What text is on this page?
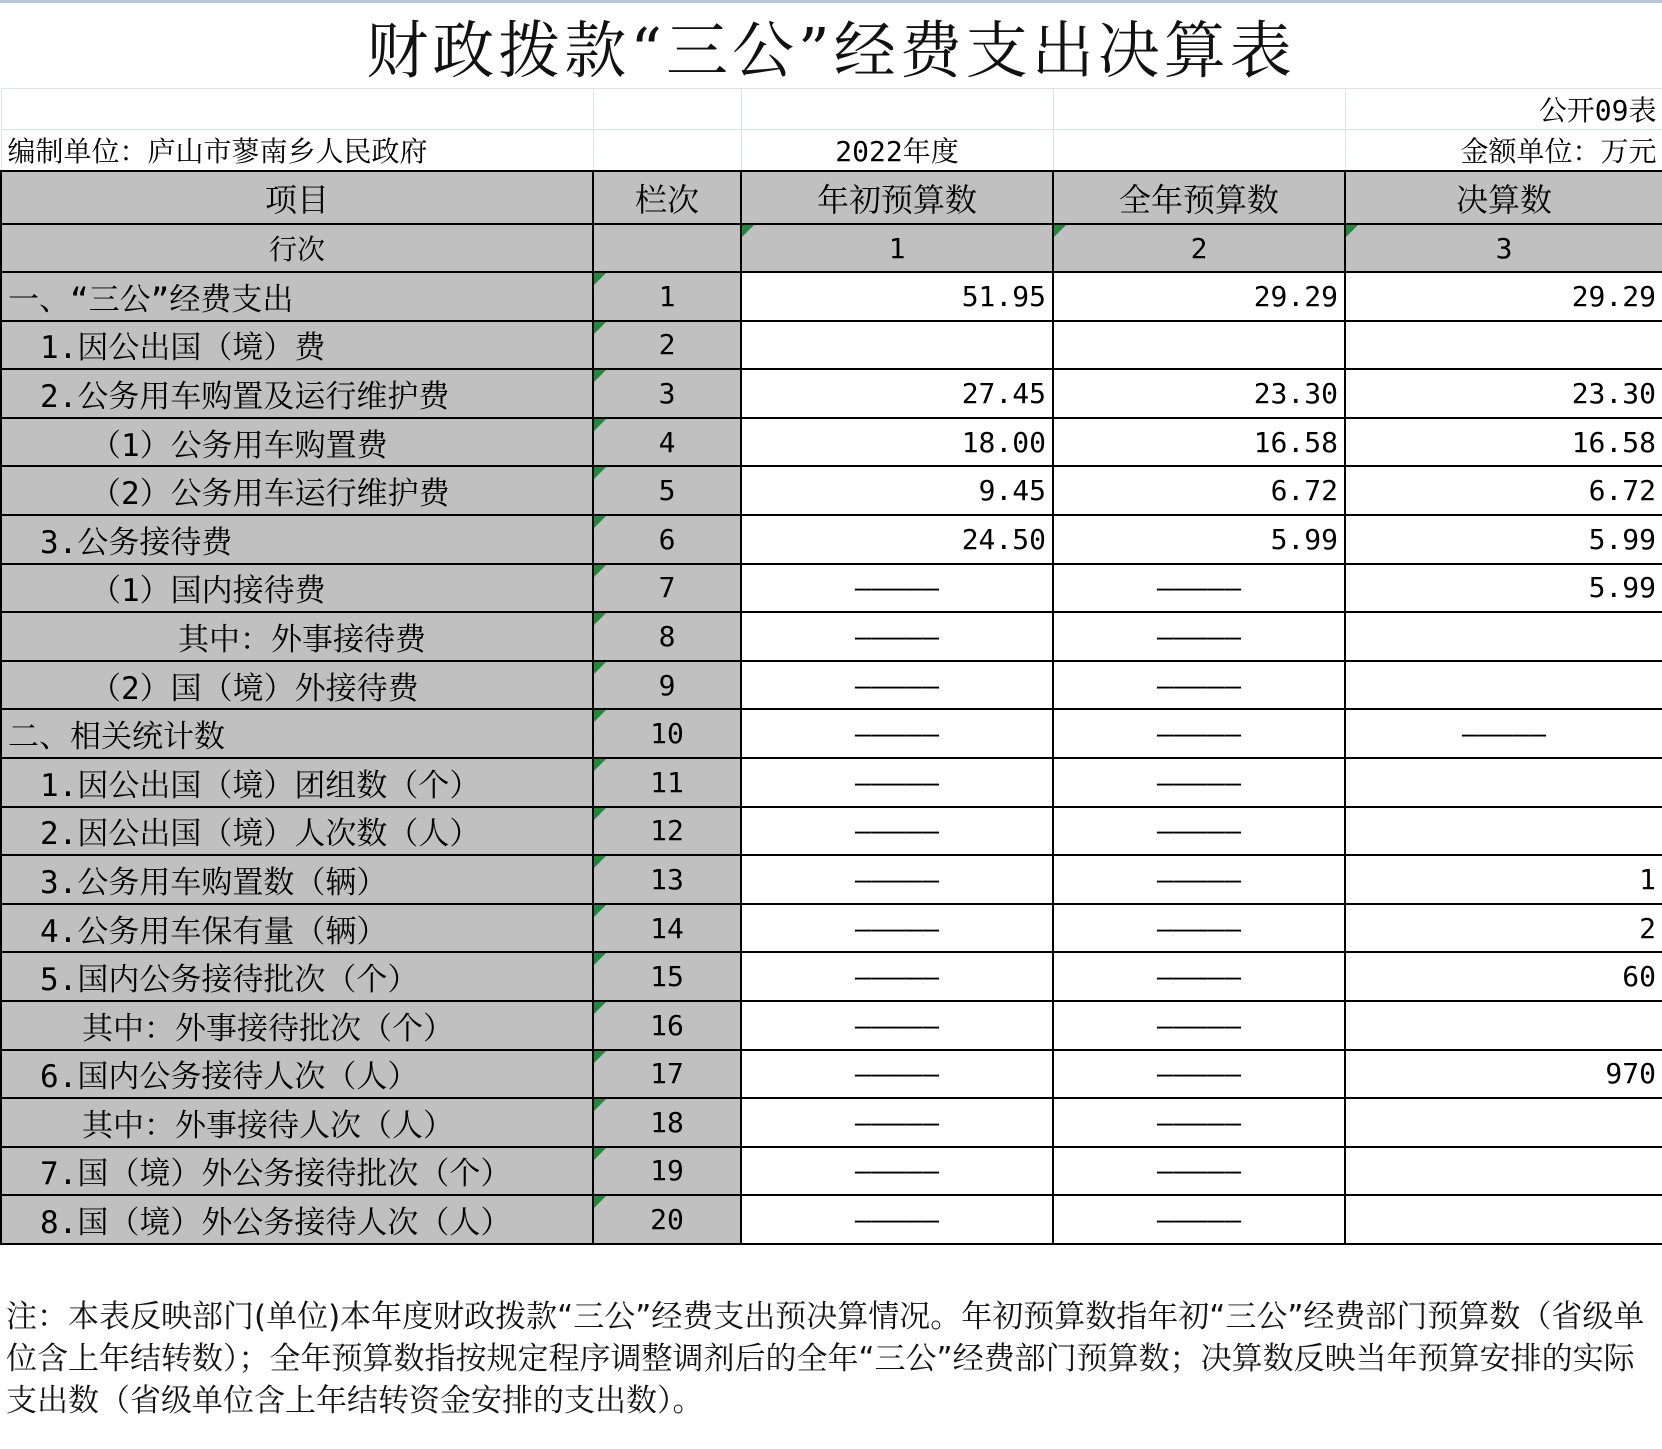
财政拨款“三公”经费支出决算表
				公开09表
编制单位：庐山市蓼南乡人民政府		2022年度		金额单位：万元
项目	栏次	年初预算数	全年预算数	决算数
行次		1	2	3
一、“三公”经费支出	1	51.95	29.29	29.29
1.因公出国（境）费	2			
2.公务用车购置及运行维护费	3	27.45	23.30	23.30
（1）公务用车购置费	4	18.00	16.58	16.58
（2）公务用车运行维护费	5	9.45	6.72	6.72
3.公务接待费	6	24.50	5.99	5.99
（1）国内接待费	7	—————	—————	5.99
其中：外事接待费	8	—————	—————	
（2）国（境）外接待费	9	—————	—————	
二、相关统计数	10	—————	—————	—————
1.因公出国（境）团组数（个）	11	—————	—————	
2.因公出国（境）人次数（人）	12	—————	—————	
3.公务用车购置数（辆）	13	—————	—————	1
4.公务用车保有量（辆）	14	—————	—————	2
5.国内公务接待批次（个）	15	—————	—————	60
其中：外事接待批次（个）	16	—————	—————	
6.国内公务接待人次（人）	17	—————	—————	970
其中：外事接待人次（人）	18	—————	—————	
7.国（境）外公务接待批次（个）	19	—————	—————	
8.国（境）外公务接待人次（人）	20	—————	—————	
注：本表反映部门(单位)本年度财政拨款“三公”经费支出预决算情况。年初预算数指年初“三公”经费部门预算数（省级单位含上年结转数）；全年预算数指按规定程序调整调剂后的全年“三公”经费部门预算数；决算数反映当年预算安排的实际支出数（省级单位含上年结转资金安排的支出数）。
